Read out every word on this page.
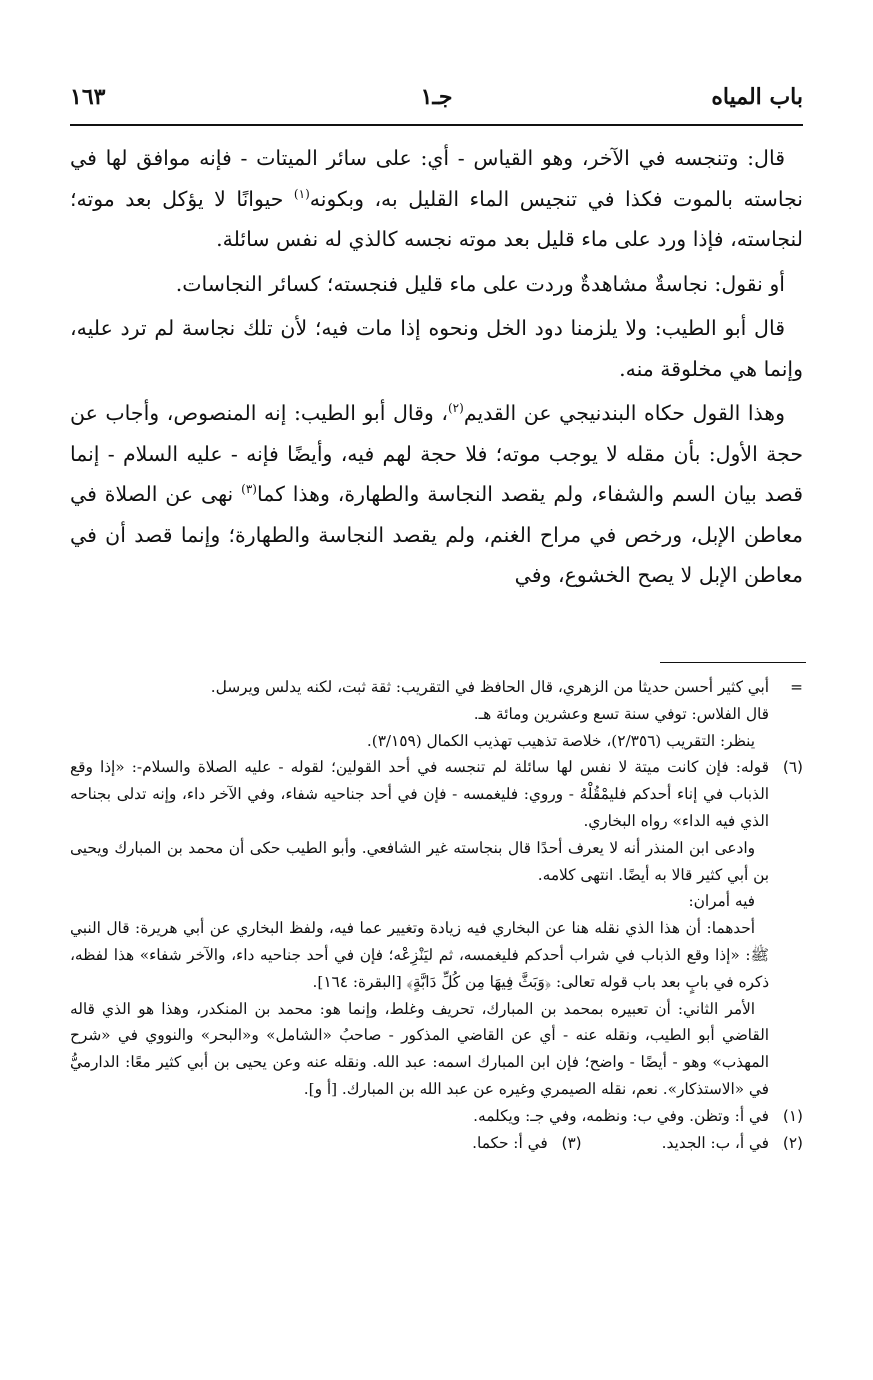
باب المياه
جـ١
١٦٣

قال: وتنجسه في الآخر، وهو القياس - أي: على سائر الميتات - فإنه موافق لها في نجاسته بالموت فكذا في تنجيس الماء القليل به، وبكونه$^{(١)}$ حيوانًا لا يؤكل بعد موته؛ لنجاسته، فإذا ورد على ماء قليل بعد موته نجسه كالذي له نفس سائلة.

أو نقول: نجاسةٌ مشاهدةٌ وردت على ماء قليل فنجسته؛ كسائر النجاسات.

قال أبو الطيب: ولا يلزمنا دود الخل ونحوه إذا مات فيه؛ لأن تلك نجاسة لم ترد عليه، وإنما هي مخلوقة منه.

وهذا القول حكاه البندنيجي عن القديم$^{(٢)}$، وقال أبو الطيب: إنه المنصوص، وأجاب عن حجة الأول: بأن مقله لا يوجب موته؛ فلا حجة لهم فيه، وأيضًا فإنه - عليه السلام - إنما قصد بيان السم والشفاء، ولم يقصد النجاسة والطهارة، وهذا كما$^{(٣)}$ نهى عن الصلاة في معاطن الإبل، ورخص في مراح الغنم، ولم يقصد النجاسة والطهارة؛ وإنما قصد أن في معاطن الإبل لا يصح الخشوع، وفي

=

أبي كثير أحسن حديثا من الزهري، قال الحافظ في التقريب: ثقة ثبت، لكنه يدلس ويرسل.

قال الفلاس: توفي سنة تسع وعشرين ومائة هـ.

ينظر: التقريب (٢/٣٥٦)، خلاصة تذهيب تهذيب الكمال (٣/١٥٩).

(٦)

قوله: فإن كانت ميتة لا نفس لها سائلة لم تنجسه في أحد القولين؛ لقوله - عليه الصلاة والسلام-: «إذا وقع الذباب في إناء أحدكم فليمْقُلْهُ - وروي: فليغمسه - فإن في أحد جناحيه شفاء، وفي الآخر داء، وإنه تدلى بجناحه الذي فيه الداء» رواه البخاري.

وادعى ابن المنذر أنه لا يعرف أحدًا قال بنجاسته غير الشافعي. وأبو الطيب حكى أن محمد بن المبارك ويحيى بن أبي كثير قالا به أيضًا. انتهى كلامه.

فيه أمران:

أحدهما: أن هذا الذي نقله هنا عن البخاري فيه زيادة وتغيير عما فيه، ولفظ البخاري عن أبي هريرة: قال النبي ﷺ: «إذا وقع الذباب في شراب أحدكم فليغمسه، ثم ليَنْزِعْه؛ فإن في أحد جناحيه داء، والآخر شفاء» هذا لفظه، ذكره في بابٍ بعد باب قوله تعالى: ﴿وَبَثَّ فِيهَا مِن كُلِّ دَابَّةٍ﴾ [البقرة: ١٦٤].

الأمر الثاني: أن تعبيره بمحمد بن المبارك، تحريف وغلط، وإنما هو: محمد بن المنكدر، وهذا هو الذي قاله القاضي أبو الطيب، ونقله عنه - أي عن القاضي المذكور - صاحبُ «الشامل» و«البحر» والنووي في «شرح المهذب» وهو - أيضًا - واضح؛ فإن ابن المبارك اسمه: عبد الله. ونقله عنه وعن يحيى بن أبي كثير معًا: الدارميُّ في «الاستذكار». نعم، نقله الصيمري وغيره عن عبد الله بن المبارك. [أ و].

(١)

في أ: وتظن. وفي ب: ونظمه، وفي جـ: ويكلمه.

(٢)
في أ، ب: الجديد.
(٣)
في أ: حكما.
